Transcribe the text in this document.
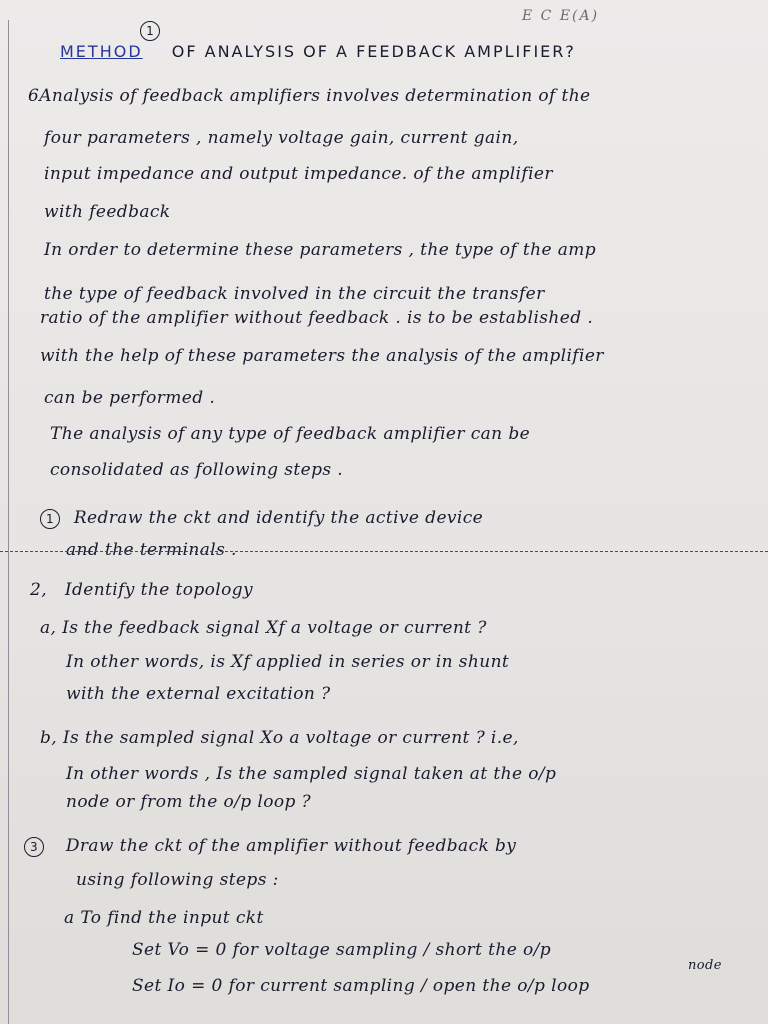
1
E C E(A)
METHOD OF ANALYSIS OF A FEEDBACK AMPLIFIER?
6Analysis of feedback amplifiers involves determination of the
four parameters , namely voltage gain, current gain,
input impedance and output impedance. of the amplifier
with feedback
In order to determine these parameters , the type of the amp
the type of feedback involved in the circuit the transfer
ratio of the amplifier without feedback . is to be established .
with the help of these parameters the analysis of the amplifier
can be performed .
The analysis of any type of feedback amplifier can be
consolidated as following steps .
1 Redraw the ckt and identify the active device
and the terminals .
2, Identify the topology
a, Is the feedback signal Xf a voltage or current ?
In other words, is Xf applied in series or in shunt
with the external excitation ?
b, Is the sampled signal Xo a voltage or current ? i.e,
In other words , Is the sampled signal taken at the o/p
node or from the o/p loop ?
3 Draw the ckt of the amplifier without feedback by
using following steps :
a To find the input ckt
Set Vo = 0 for voltage sampling / short the o/p
node
Set Io = 0 for current sampling / open the o/p loop
